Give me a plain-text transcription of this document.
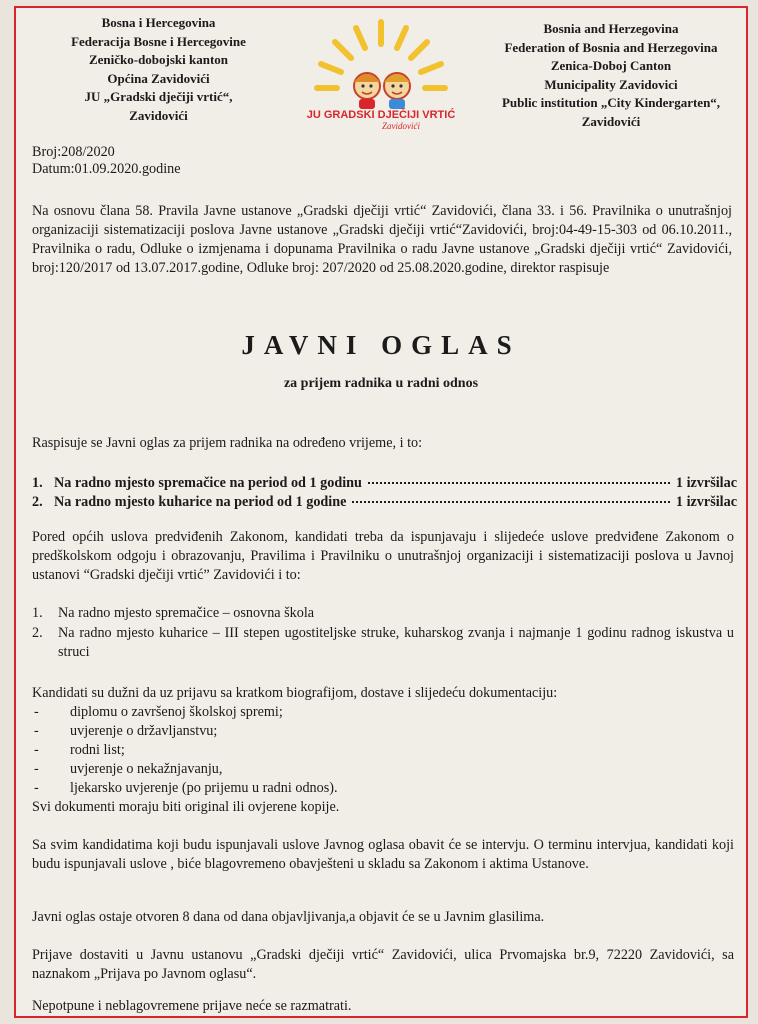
Bosna i Hercegovina
Federacija Bosne i Hercegovine
Zeničko-dobojski kanton
Općina Zavidovići
JU „Gradski dječiji vrtić“,
Zavidovići	JU GRADSKI DJEČIJI VRTIĆ
Zavidovići
Bosnia and Herzegovina
Federation of Bosnia and Herzegovina
Zenica-Doboj Canton
Municipality Zavidovici
Public institution „City Kindergarten“,
Zavidovići
Broj:208/2020
Datum:01.09.2020.godine
Na osnovu člana 58. Pravila Javne ustanove „Gradski dječiji vrtić“ Zavidovići, člana 33. i 56. Pravilnika o unutrašnjoj organizaciji sistematizaciji poslova Javne ustanove „Gradski dječiji vrtić“Zavidovići, broj:04-49-15-303 od 06.10.2011., Pravilnika o radu, Odluke o izmjenama i dopunama Pravilnika o radu Javne ustanove „Gradski dječiji vrtić“ Zavidovići, broj:120/2017 od 13.07.2017.godine, Odluke broj: 207/2020 od 25.08.2020.godine, direktor raspisuje
JAVNI OGLAS
za prijem radnika u radni odnos
Raspisuje se Javni oglas za prijem radnika na određeno vrijeme, i to:
1. Na radno mjesto spremačice na period od 1 godinu	1 izvršilac
2. Na radno mjesto kuharice na period od 1 godine	1 izvršilac
Pored općih uslova predviđenih Zakonom, kandidati treba da ispunjavaju i slijedeće uslove predviđene Zakonom o predškolskom odgoju i obrazovanju, Pravilima i Pravilniku o unutrašnjoj organizaciji i sistematizaciji poslova u Javnoj ustanovi “Gradski dječiji vrtić” Zavidovići i to:
1.	Na radno mjesto spremačice – osnovna škola
2.	Na radno mjesto kuharice – III stepen ugostiteljske struke, kuharskog zvanja i najmanje 1 godinu radnog iskustva u struci
Kandidati su dužni da uz prijavu sa kratkom biografijom, dostave i slijedeću dokumentaciju:
-	diplomu o završenoj školskoj spremi;
-	uvjerenje o državljanstvu;
-	rodni list;
-	uvjerenje o nekažnjavanju,
-	ljekarsko uvjerenje (po prijemu u radni odnos).
Svi dokumenti moraju biti original ili ovjerene kopije.
Sa svim kandidatima koji budu ispunjavali uslove Javnog oglasa obavit će se intervju. O terminu intervjua, kandidati koji budu ispunjavali uslove , biće blagovremeno obavješteni u skladu sa Zakonom i aktima Ustanove.
Javni oglas ostaje otvoren 8 dana od dana objavljivanja,a objavit će se u Javnim glasilima.
Prijave dostaviti u Javnu ustanovu „Gradski dječiji vrtić“ Zavidovići, ulica Prvomajska br.9, 72220 Zavidovići, sa naznakom „Prijava po Javnom oglasu“.
Nepotpune i neblagovremene prijave neće se razmatrati.
